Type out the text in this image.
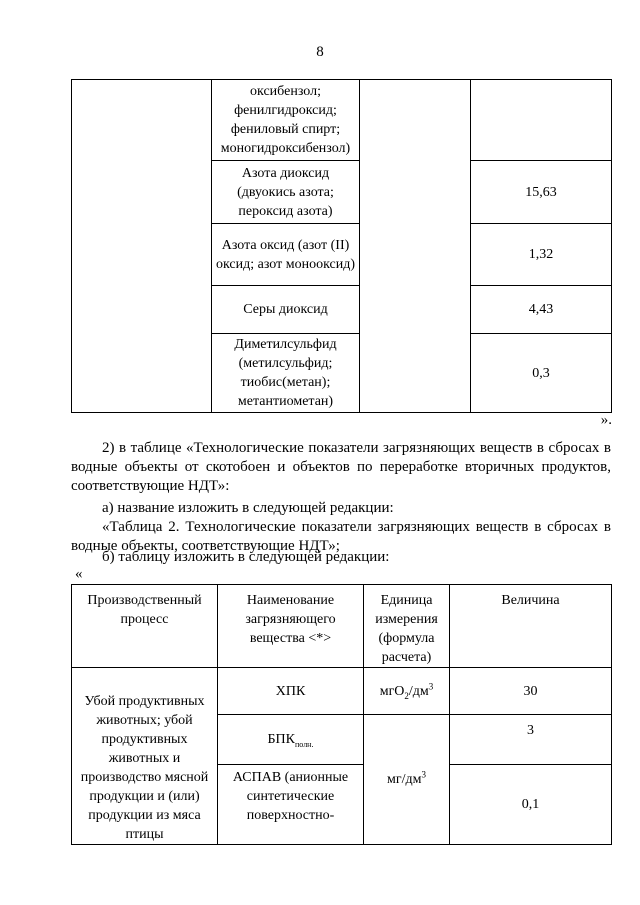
8
	оксибензол; фенилгидроксид; фениловый спирт; моногидроксибензол)		
	Азота диоксид (двуокись азота; пероксид азота)		15,63
	Азота оксид (азот (II) оксид; азот монооксид)		1,32
	Серы диоксид		4,43
	Диметилсульфид (метилсульфид; тиобис(метан); метантиометан)		0,3
».

2) в таблице «Технологические показатели загрязняющих веществ в сбросах в водные объекты от скотобоен и объектов по переработке вторичных продуктов, соответствующие НДТ»:

а) название изложить в следующей редакции:

«Таблица 2. Технологические показатели загрязняющих веществ в сбросах в водные объекты, соответствующие НДТ»;

б) таблицу изложить в следующей редакции:

«
Производственный процесс	Наименование загрязняющего вещества <*>	Единица измерения (формула расчета)	Величина
Убой продуктивных животных; убой продуктивных животных и производство мясной продукции и (или) продукции из мяса птицы	ХПК	$мгО_2/дм^3$	30
	$БПК_{полн.}$	$мг/дм^3$	3
	АСПАВ (анионные синтетические поверхностно-		0,1
